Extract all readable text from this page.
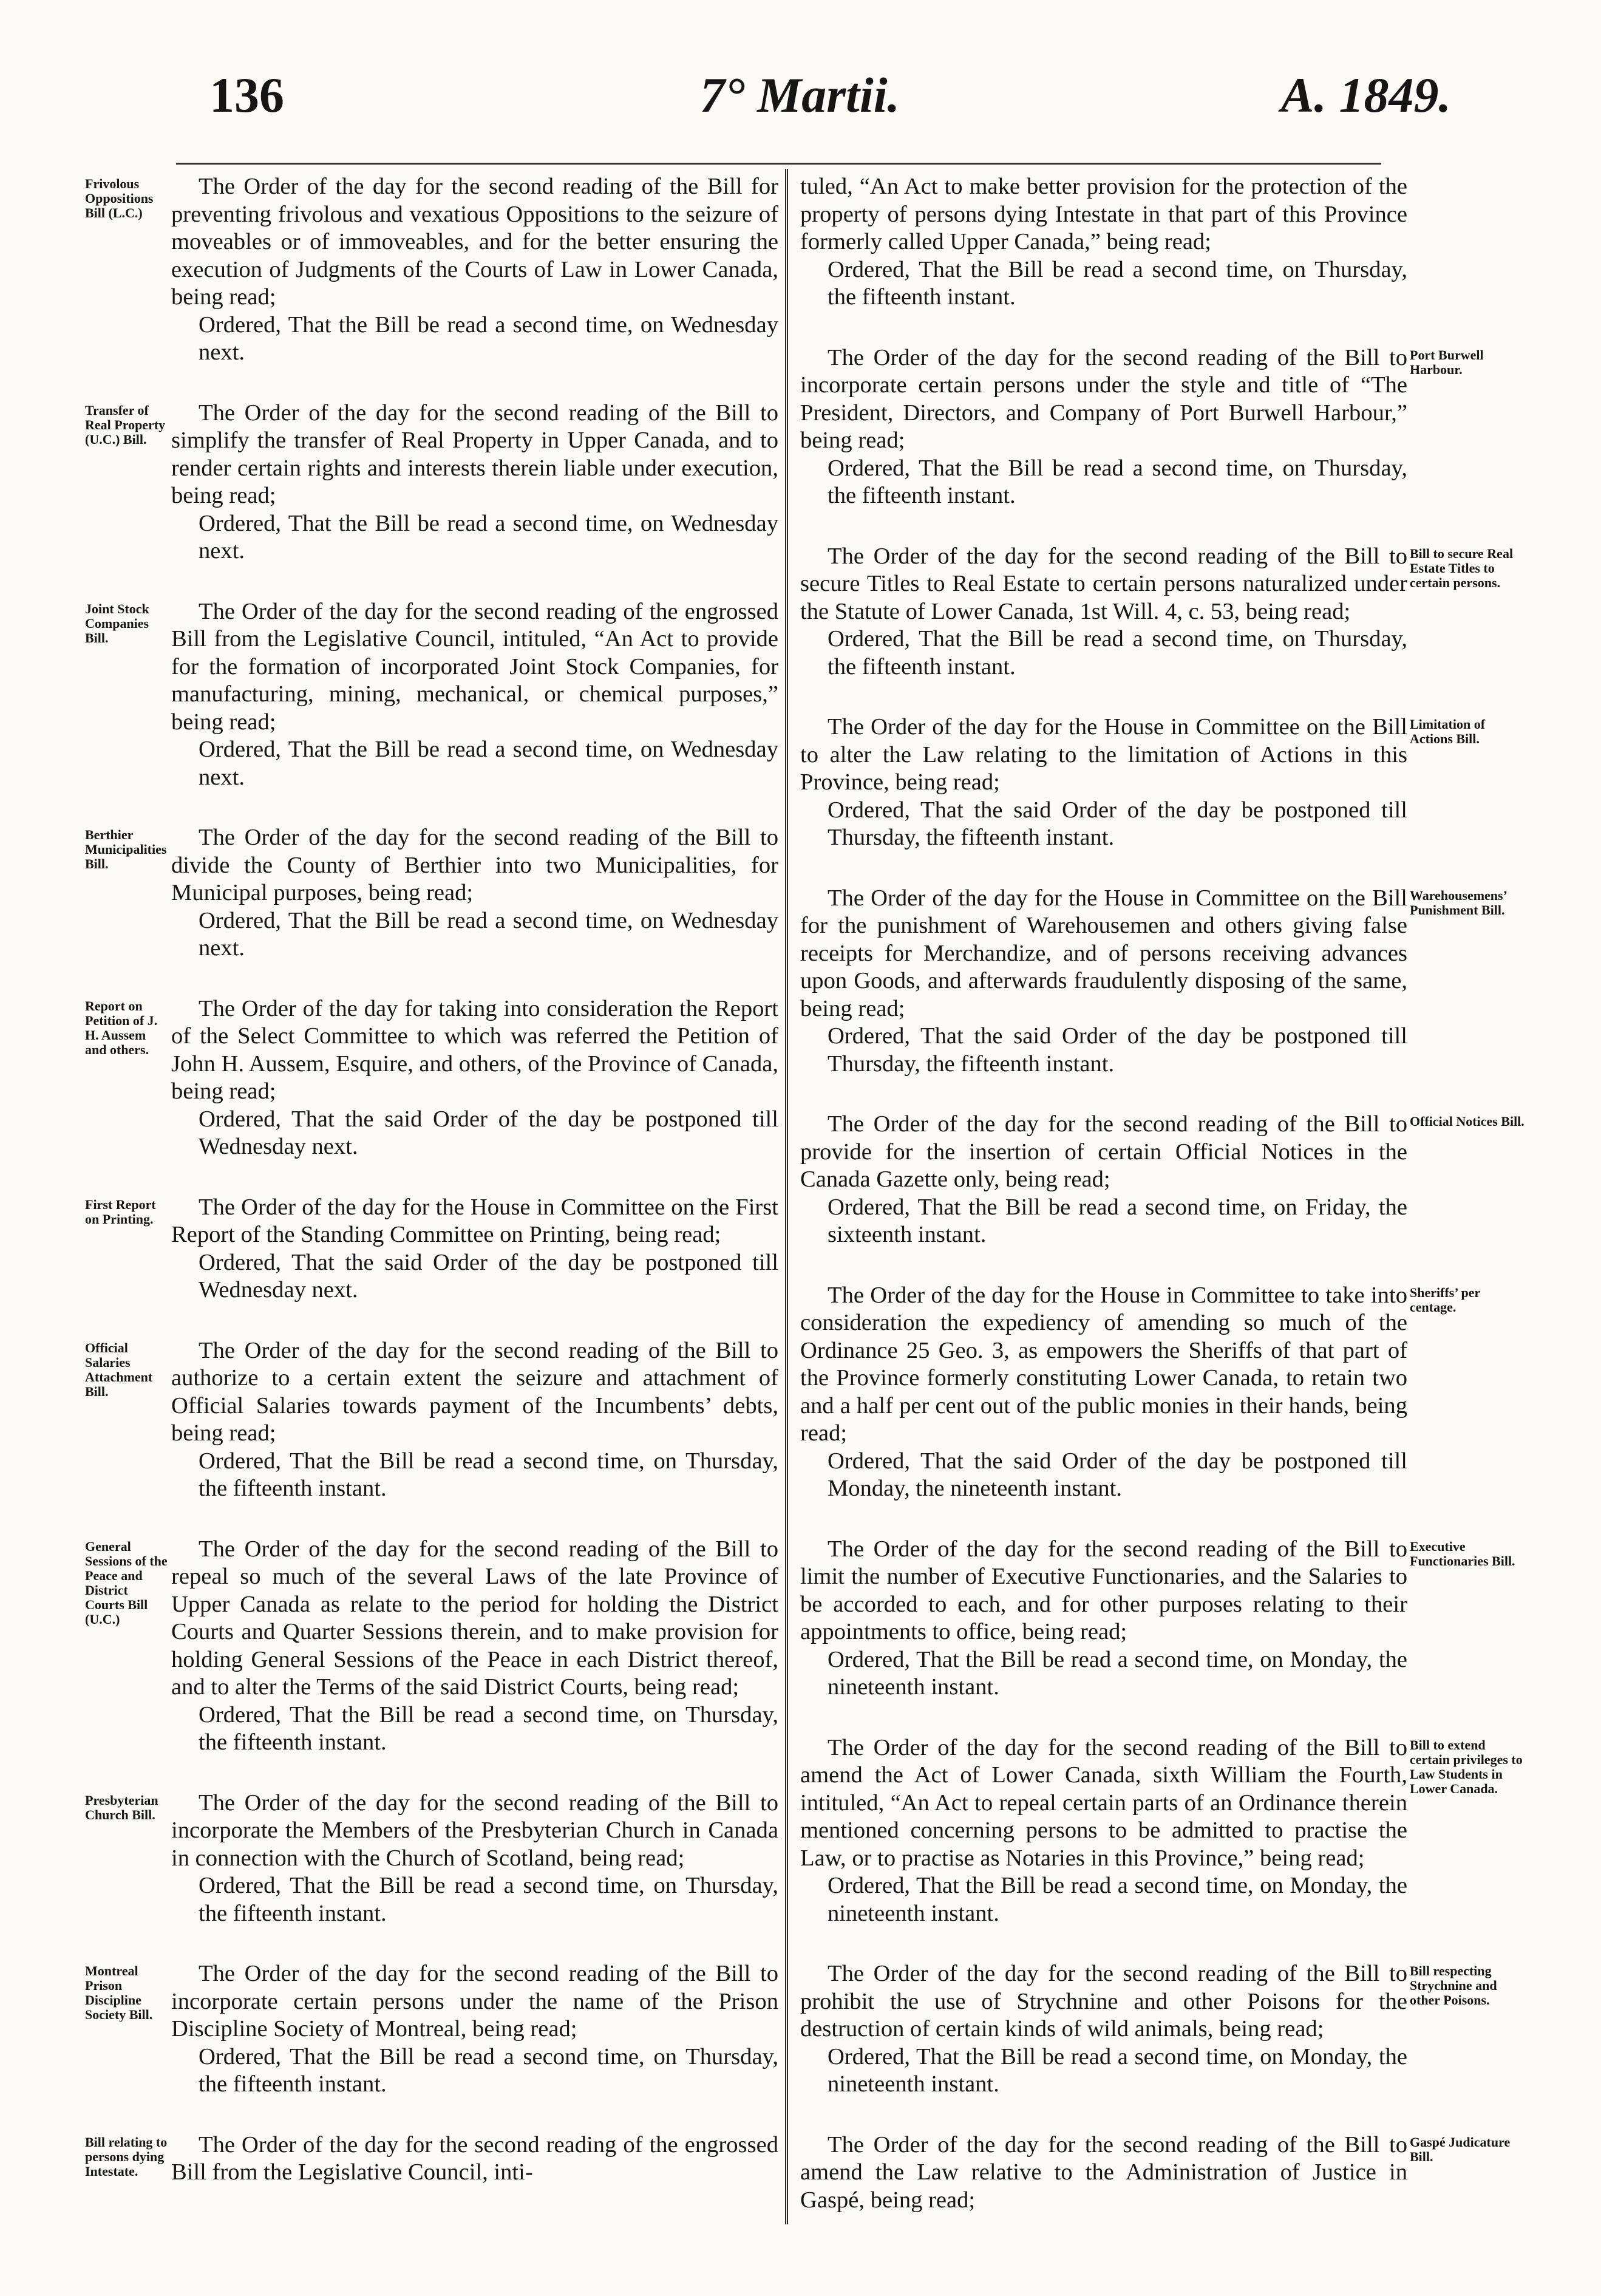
136	7° Martii.	A. 1849.
Frivolous Oppositions Bill (L.C.)

The Order of the day for the second reading of the Bill for preventing frivolous and vexatious Oppositions to the seizure of moveables or of immoveables, and for the better ensuring the execution of Judgments of the Courts of Law in Lower Canada, being read;

Ordered, That the Bill be read a second time, on Wednesday next.

Transfer of Real Property (U.C.) Bill.

The Order of the day for the second reading of the Bill to simplify the transfer of Real Property in Upper Canada, and to render certain rights and interests therein liable under execution, being read;

Ordered, That the Bill be read a second time, on Wednesday next.

Joint Stock Companies Bill.

The Order of the day for the second reading of the engrossed Bill from the Legislative Council, intituled, “An Act to provide for the formation of incorporated Joint Stock Companies, for manufacturing, mining, mechanical, or chemical purposes,” being read;

Ordered, That the Bill be read a second time, on Wednesday next.

Berthier Municipalities Bill.

The Order of the day for the second reading of the Bill to divide the County of Berthier into two Municipalities, for Municipal purposes, being read;

Ordered, That the Bill be read a second time, on Wednesday next.

Report on Petition of J. H. Aussem and others.

The Order of the day for taking into consideration the Report of the Select Committee to which was referred the Petition of John H. Aussem, Esquire, and others, of the Province of Canada, being read;

Ordered, That the said Order of the day be postponed till Wednesday next.

First Report on Printing.	The Order of the day for the House in Committee on the First Report of the Standing Committee on Printing, being read;

Ordered, That the said Order of the day be postponed till Wednesday next.

Official Salaries Attachment Bill.

The Order of the day for the second reading of the Bill to authorize to a certain extent the seizure and attachment of Official Salaries towards payment of the Incumbents’ debts, being read;

Ordered, That the Bill be read a second time, on Thursday, the fifteenth instant.

General Sessions of the Peace and District Courts Bill (U.C.)

The Order of the day for the second reading of the Bill to repeal so much of the several Laws of the late Province of Upper Canada as relate to the period for holding the District Courts and Quarter Sessions therein, and to make provision for holding General Sessions of the Peace in each District thereof, and to alter the Terms of the said District Courts, being read;

Ordered, That the Bill be read a second time, on Thursday, the fifteenth instant.

Presbyterian Church Bill.	The Order of the day for the second reading of the Bill to incorporate the Members of the Presbyterian Church in Canada in connection with the Church of Scotland, being read;

Ordered, That the Bill be read a second time, on Thursday, the fifteenth instant.

Montreal Prison Discipline Society Bill.

The Order of the day for the second reading of the Bill to incorporate certain persons under the name of the Prison Discipline Society of Montreal, being read;

Ordered, That the Bill be read a second time, on Thursday, the fifteenth instant.

Bill relating to persons dying Intestate.

The Order of the day for the second reading of the engrossed Bill from the Legislative Council, inti-

tuled, “An Act to make better provision for the protection of the property of persons dying Intestate in that part of this Province formerly called Upper Canada,” being read;

Ordered, That the Bill be read a second time, on Thursday, the fifteenth instant.

Port Burwell Harbour.

The Order of the day for the second reading of the Bill to incorporate certain persons under the style and title of “The President, Directors, and Company of Port Burwell Harbour,” being read;

Ordered, That the Bill be read a second time, on Thursday, the fifteenth instant.

Bill to secure Real Estate Titles to certain persons.

The Order of the day for the second reading of the Bill to secure Titles to Real Estate to certain persons naturalized under the Statute of Lower Canada, 1st Will. 4, c. 53, being read;

Ordered, That the Bill be read a second time, on Thursday, the fifteenth instant.

Limitation of Actions Bill.

The Order of the day for the House in Committee on the Bill to alter the Law relating to the limitation of Actions in this Province, being read;

Ordered, That the said Order of the day be postponed till Thursday, the fifteenth instant.

Warehousemens’ Punishment Bill.

The Order of the day for the House in Committee on the Bill for the punishment of Warehousemen and others giving false receipts for Merchandize, and of persons receiving advances upon Goods, and afterwards fraudulently disposing of the same, being read;

Ordered, That the said Order of the day be postponed till Thursday, the fifteenth instant.

Official Notices Bill.

The Order of the day for the second reading of the Bill to provide for the insertion of certain Official Notices in the Canada Gazette only, being read;

Ordered, That the Bill be read a second time, on Friday, the sixteenth instant.

Sheriffs’ per centage.

The Order of the day for the House in Committee to take into consideration the expediency of amending so much of the Ordinance 25 Geo. 3, as empowers the Sheriffs of that part of the Province formerly constituting Lower Canada, to retain two and a half per cent out of the public monies in their hands, being read;

Ordered, That the said Order of the day be postponed till Monday, the nineteenth instant.

Executive Functionaries Bill.

The Order of the day for the second reading of the Bill to limit the number of Executive Functionaries, and the Salaries to be accorded to each, and for other purposes relating to their appointments to office, being read;

Ordered, That the Bill be read a second time, on Monday, the nineteenth instant.

Bill to extend certain privileges to Law Students in Lower Canada.

The Order of the day for the second reading of the Bill to amend the Act of Lower Canada, sixth William the Fourth, intituled, “An Act to repeal certain parts of an Ordinance therein mentioned concerning persons to be admitted to practise the Law, or to practise as Notaries in this Province,” being read;

Ordered, That the Bill be read a second time, on Monday, the nineteenth instant.

Bill respecting Strychnine and other Poisons.

The Order of the day for the second reading of the Bill to prohibit the use of Strychnine and other Poisons for the destruction of certain kinds of wild animals, being read;

Ordered, That the Bill be read a second time, on Monday, the nineteenth instant.

Gaspé Judicature Bill.

The Order of the day for the second reading of the Bill to amend the Law relative to the Administration of Justice in Gaspé, being read;
